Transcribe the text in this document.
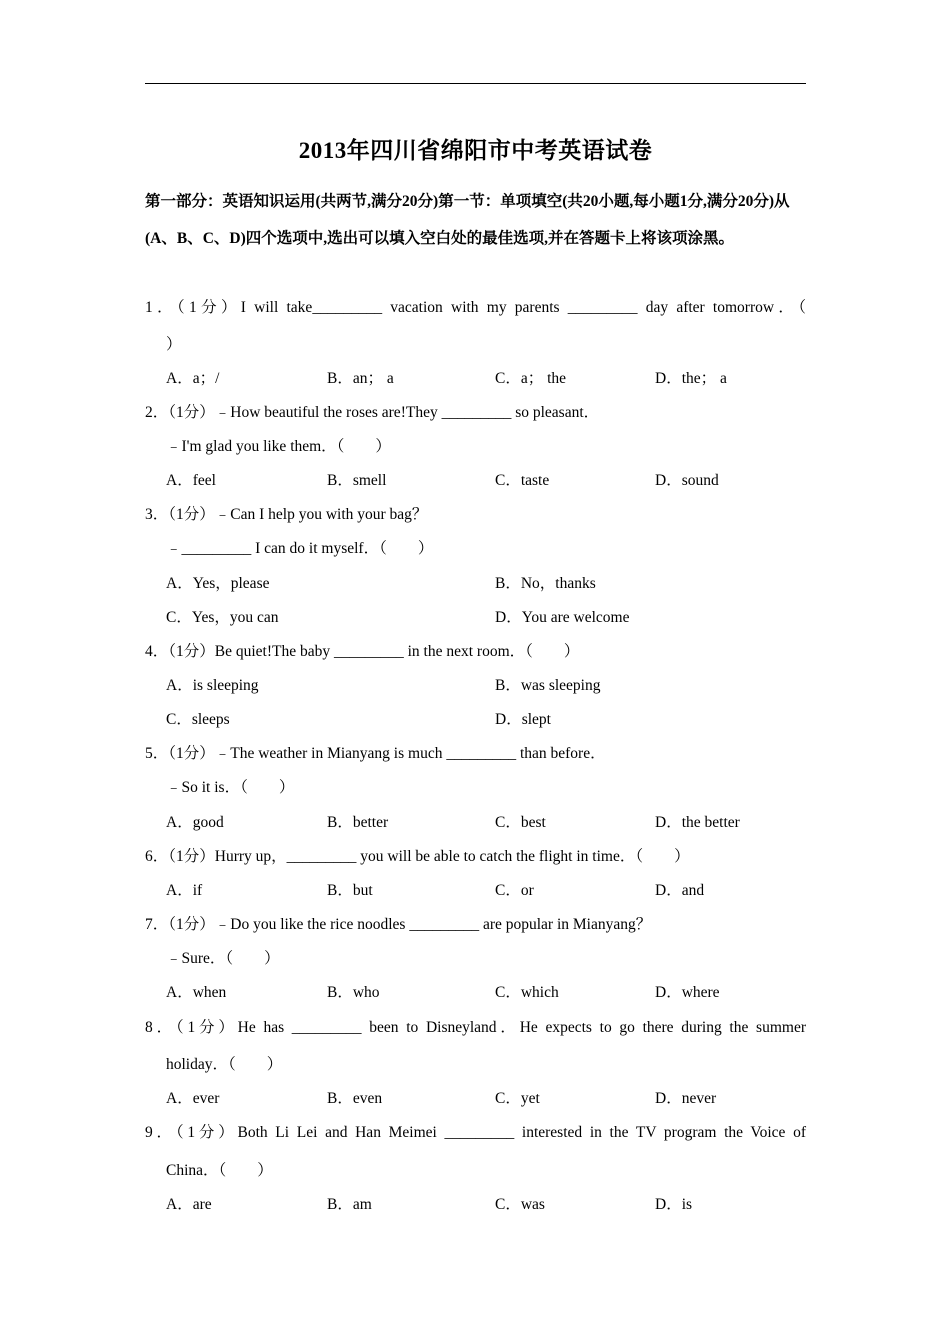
2013年四川省绵阳市中考英语试卷
第一部分：英语知识运用(共两节,满分20分)第一节：单项填空(共20小题,每小题1分,满分20分)从(A、B、C、D)四个选项中,选出可以填入空白处的最佳选项,并在答题卡上将该项涂黑。
1．（1分）I will take_________ vacation with my parents _________ day after tomorrow．（
）
A．a；/	B．an； a	C．a； the	D．the； a
2．（1分）﹣How beautiful the roses are!They _________ so pleasant．
﹣I'm glad you like them．（　　）
A．feel	B．smell	C．taste	D．sound
3．（1分）﹣Can I help you with your bag？
﹣_________ I can do it myself．（　　）
A．Yes，please	B．No，thanks
C．Yes，you can	D．You are welcome
4．（1分）Be quiet!The baby _________ in the next room．（　　）
A．is sleeping	B．was sleeping
C．sleeps	D．slept
5．（1分）﹣The weather in Mianyang is much _________ than before．
﹣So it is．（　　）
A．good	B．better	C．best	D．the better
6．（1分）Hurry up，_________ you will be able to catch the flight in time．（　　）
A．if	B．but	C．or	D．and
7．（1分）﹣Do you like the rice noodles _________ are popular in Mianyang？
﹣Sure．（　　）
A．when	B．who	C．which	D．where
8．（1分）He has _________ been to Disneyland．He expects to go there during the summer
holiday．（　　）
A．ever	B．even	C．yet	D．never
9．（1分）Both Li Lei and Han Meimei _________ interested in the TV program the Voice of
China．（　　）
A．are	B．am	C．was	D．is
